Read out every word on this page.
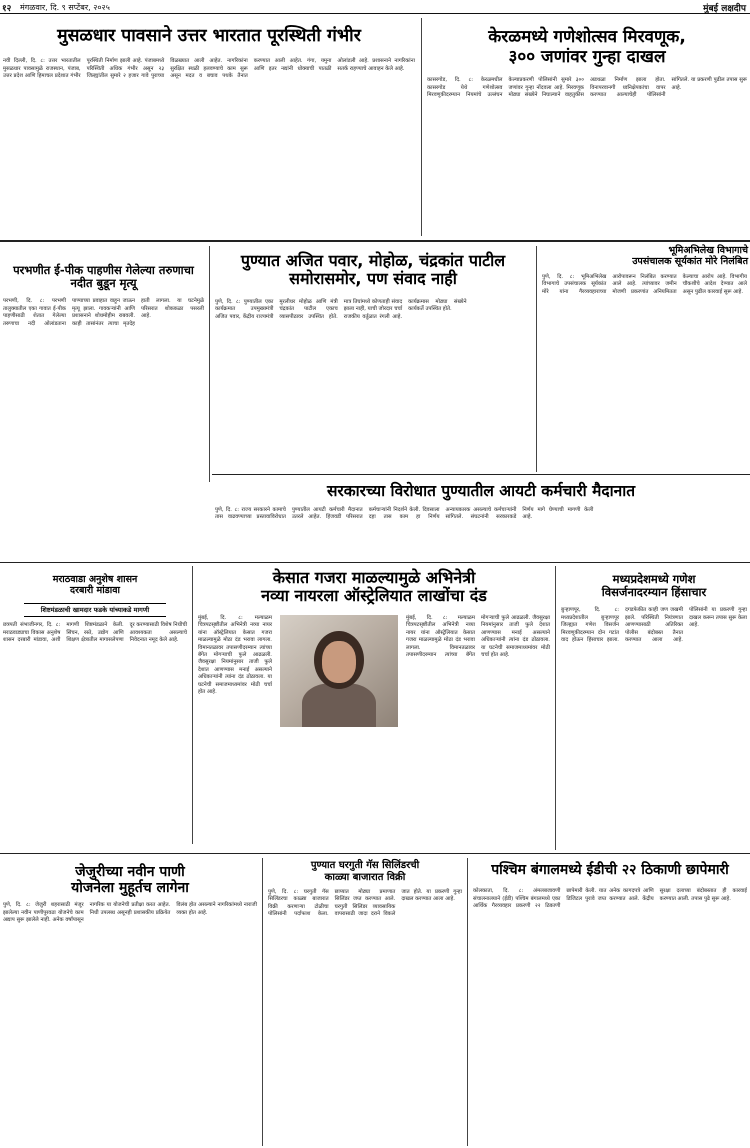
१२ मंगळवार, दि. ९ सप्टेंबर, २०२५	मुंबई लक्षदीप
मुसळधार पावसाने उत्तर भारतात पूरस्थिती गंभीर
नवी दिल्ली, दि. ८: उत्तर भारतातील मुसळधार पावसामुळे राजस्थान, पंजाब, उत्तर प्रदेश आणि हिमाचल प्रदेशात गंभीर पूरस्थिती निर्माण झाली आहे. पंजाबमध्ये परिस्थिती अधिक गंभीर असून २३ जिल्ह्यांतील सुमारे २ हजार गावे पुराच्या विळख्यात आली आहेत. नागरिकांना सुरक्षित स्थळी हलवण्याचे काम सुरू असून मदत व बचाव पथके तैनात करण्यात आली आहेत. गंगा, यमुना आणि इतर नद्यांनी धोक्याची पातळी ओलांडली आहे. प्रशासनाने नागरिकांना सतर्क राहण्याचे आवाहन केले आहे.
केरळमध्ये गणेशोत्सव मिरवणूक,
३०० जणांवर गुन्हा दाखल
कासरगोड, दि. ८: केरळमधील कासरगोड येथे गणेशोत्सव मिरवणुकीदरम्यान नियमांचे उल्लंघन केल्याप्रकरणी पोलिसांनी सुमारे ३०० जणांवर गुन्हा नोंदवला आहे. मिरवणूक मोठ्या संख्येने निघाल्याने वाहतुकीस अडथळा निर्माण झाला होता. विनापरवानगी ध्वनिक्षेपकांचा वापर करण्यात आल्याचेही पोलिसांनी सांगितले. या प्रकरणी पुढील तपास सुरू आहे.
परभणीत ई-पीक पाहणीस गेलेल्या तरुणाचा नदीत बुडून मृत्यू
परभणी, दि. ८: परभणी तालुक्यातील एका गावात ई-पीक पाहणीसाठी शेतात गेलेल्या तरुणाचा नदी ओलांडताना पाण्याच्या प्रवाहात वाहून जाऊन मृत्यू झाला. गावकऱ्यांनी आणि प्रशासनाने शोधमोहीम राबवली. काही तासांनंतर त्याचा मृतदेह हाती लागला. या घटनेमुळे परिसरात शोककळा पसरली आहे.
पुण्यात अजित पवार, मोहोळ, चंद्रकांत पाटील समोरासमोर, पण संवाद नाही
पुणे, दि. ८: पुण्यातील एका कार्यक्रमात उपमुख्यमंत्री अजित पवार, केंद्रीय राज्यमंत्री मुरलीधर मोहोळ आणि मंत्री चंद्रकांत पाटील एकाच व्यासपीठावर उपस्थित होते. मात्र तिघांमध्ये कोणताही संवाद झाला नाही, याची जोरदार चर्चा राजकीय वर्तुळात रंगली आहे. कार्यक्रमास मोठ्या संख्येने कार्यकर्ते उपस्थित होते.
भूमिअभिलेख विभागाचे
उपसंचालक सूर्यकांत मोरे निलंबित
पुणे, दि. ८: भूमिअभिलेख विभागाचे उपसंचालक सूर्यकांत मोरे यांना गैरव्यवहाराच्या आरोपावरून निलंबित करण्यात आले आहे. त्यांच्यावर जमीन मोजणी प्रकरणांत अनियमितता केल्याचा आरोप आहे. विभागीय चौकशीचे आदेश देण्यात आले असून पुढील कारवाई सुरू आहे.
सरकारच्या विरोधात पुण्यातील आयटी कर्मचारी मैदानात
पुणे, दि. ८: राज्य सरकारने कामाचे तास वाढवण्याच्या प्रस्तावाविरोधात पुण्यातील आयटी कर्मचारी मैदानात उतरले आहेत. हिंजवडी परिसरात कर्मचाऱ्यांनी निदर्शने केली. दिवसाला दहा तास काम हा निर्णय अन्यायकारक असल्याचे कर्मचाऱ्यांनी सांगितले. संघटनांनी सरकारकडे निर्णय मागे घेण्याची मागणी केली आहे.
मराठवाडा अनुशेष शासन
दरबारी मांडावा
शिष्टमंडळाची खामदार फडके यांच्याकडे मागणी
छत्रपती संभाजीनगर, दि. ८: मराठवाड्याचा विकास अनुशेष शासन दरबारी मांडावा, अशी मागणी शिष्टमंडळाने केली. सिंचन, रस्ते, उद्योग आणि शिक्षण क्षेत्रातील मागासलेपणा दूर करण्यासाठी विशेष निधीची आवश्यकता असल्याचे निवेदनात नमूद केले आहे.
केसात गजरा माळल्यामुळे अभिनेत्री
नव्या नायरला ऑस्ट्रेलियात लाखोंचा दंड
मुंबई, दि. ८: मल्याळम चित्रपटसृष्टीतील अभिनेत्री नव्या नायर यांना ऑस्ट्रेलियात केसात गजरा माळल्यामुळे मोठा दंड भरावा लागला. विमानतळावर तपासणीदरम्यान त्यांच्या बॅगेत मोगऱ्याची फुले आढळली. जैवसुरक्षा नियमांनुसार ताजी फुले देशात आणण्यास मनाई असल्याने अधिकाऱ्यांनी त्यांना दंड ठोठावला. या घटनेची समाजमाध्यमांवर मोठी चर्चा होत आहे.
मुंबई, दि. ८: मल्याळम चित्रपटसृष्टीतील अभिनेत्री नव्या नायर यांना ऑस्ट्रेलियात केसात गजरा माळल्यामुळे मोठा दंड भरावा लागला. विमानतळावर तपासणीदरम्यान त्यांच्या बॅगेत मोगऱ्याची फुले आढळली. जैवसुरक्षा नियमांनुसार ताजी फुले देशात आणण्यास मनाई असल्याने अधिकाऱ्यांनी त्यांना दंड ठोठावला. या घटनेची समाजमाध्यमांवर मोठी चर्चा होत आहे.
मध्यप्रदेशमध्ये गणेश
विसर्जनादरम्यान हिंसाचार
बुऱ्हाणपूर, दि. ८: मध्यप्रदेशातील बुऱ्हाणपूर जिल्ह्यात गणेश विसर्जन मिरवणुकीदरम्यान दोन गटांत वाद होऊन हिंसाचार झाला. दगडफेकीत काही जण जखमी झाले. परिस्थिती नियंत्रणात आणण्यासाठी अतिरिक्त पोलीस बंदोबस्त तैनात करण्यात आला आहे. पोलिसांनी या प्रकरणी गुन्हा दाखल करून तपास सुरू केला आहे.
जेजुरीच्या नवीन पाणी
योजनेला मुहूर्तच लागेना
पुणे, दि. ८: जेजुरी शहरासाठी मंजूर झालेल्या नवीन पाणीपुरवठा योजनेचे काम अद्याप सुरू झालेले नाही. अनेक वर्षांपासून नागरिक या योजनेची प्रतीक्षा करत आहेत. निधी उपलब्ध असूनही प्रशासकीय प्रक्रियेत विलंब होत असल्याने नागरिकांमध्ये नाराजी व्यक्त होत आहे.
पुण्यात घरगुती गॅस सिलिंडरची
काळ्या बाजारात विक्री
पुणे, दि. ८: घरगुती गॅस सिलिंडरचा काळ्या बाजारात विक्री करणाऱ्या टोळीचा पोलिसांनी पर्दाफाश केला. छाप्यात मोठ्या प्रमाणात सिलिंडर जप्त करण्यात आले. घरगुती सिलिंडर व्यावसायिक वापरासाठी जादा दराने विकले जात होते. या प्रकरणी गुन्हा दाखल करण्यात आला आहे.
पश्चिम बंगालमध्ये ईडीची २२ ठिकाणी छापेमारी
कोलकाता, दि. ८: अंमलबजावणी संचालनालयाने (ईडी) पश्चिम बंगालमध्ये एका आर्थिक गैरव्यवहार प्रकरणी २२ ठिकाणी छापेमारी केली. यात अनेक कागदपत्रे आणि डिजिटल पुरावे जप्त करण्यात आले. केंद्रीय सुरक्षा दलाच्या बंदोबस्तात ही कारवाई करण्यात आली. तपास पुढे सुरू आहे.
